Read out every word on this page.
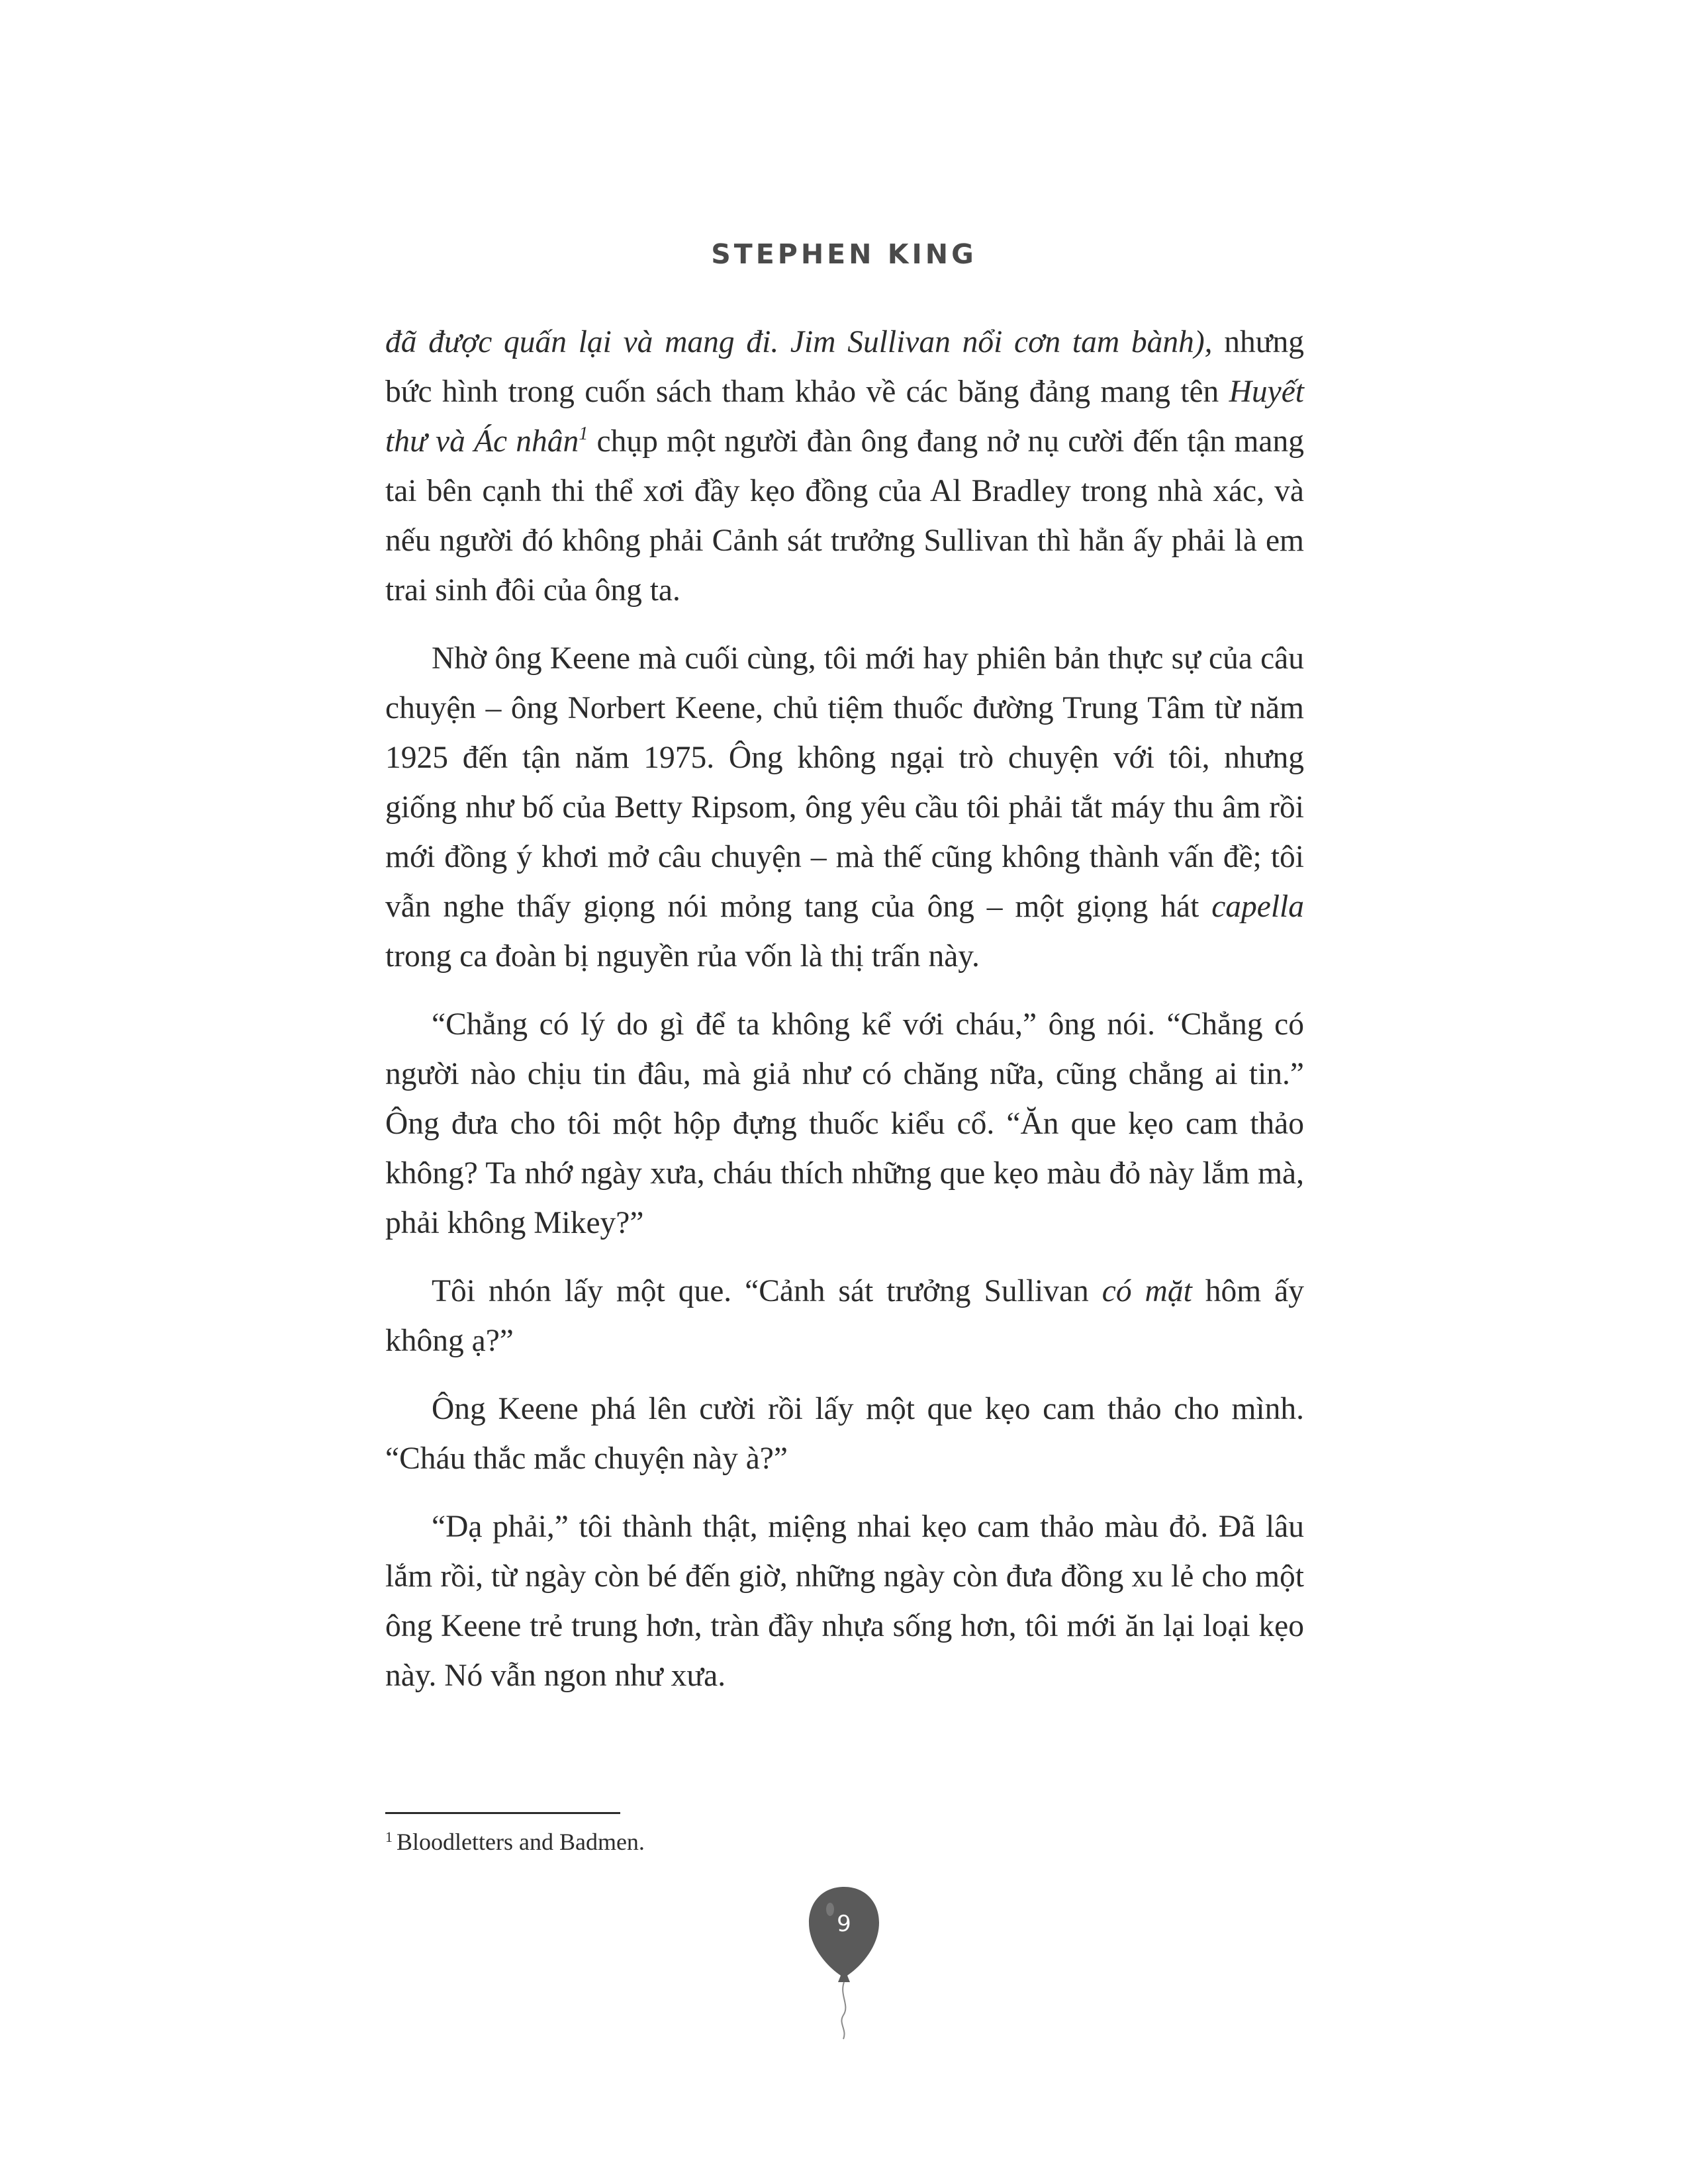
STEPHEN KING

đã được quấn lại và mang đi. Jim Sullivan nổi cơn tam bành), nhưng bức hình trong cuốn sách tham khảo về các băng đảng mang tên Huyết thư và Ác nhân$^1$ chụp một người đàn ông đang nở nụ cười đến tận mang tai bên cạnh thi thể xơi đầy kẹo đồng của Al Bradley trong nhà xác, và nếu người đó không phải Cảnh sát trưởng Sullivan thì hẳn ấy phải là em trai sinh đôi của ông ta.

Nhờ ông Keene mà cuối cùng, tôi mới hay phiên bản thực sự của câu chuyện – ông Norbert Keene, chủ tiệm thuốc đường Trung Tâm từ năm 1925 đến tận năm 1975. Ông không ngại trò chuyện với tôi, nhưng giống như bố của Betty Ripsom, ông yêu cầu tôi phải tắt máy thu âm rồi mới đồng ý khơi mở câu chuyện – mà thế cũng không thành vấn đề; tôi vẫn nghe thấy giọng nói mỏng tang của ông – một giọng hát capella trong ca đoàn bị nguyền rủa vốn là thị trấn này.

“Chẳng có lý do gì để ta không kể với cháu,” ông nói. “Chẳng có người nào chịu tin đâu, mà giả như có chăng nữa, cũng chẳng ai tin.” Ông đưa cho tôi một hộp đựng thuốc kiểu cổ. “Ăn que kẹo cam thảo không? Ta nhớ ngày xưa, cháu thích những que kẹo màu đỏ này lắm mà, phải không Mikey?”

Tôi nhón lấy một que. “Cảnh sát trưởng Sullivan có mặt hôm ấy không ạ?”

Ông Keene phá lên cười rồi lấy một que kẹo cam thảo cho mình. “Cháu thắc mắc chuyện này à?”

“Dạ phải,” tôi thành thật, miệng nhai kẹo cam thảo màu đỏ. Đã lâu lắm rồi, từ ngày còn bé đến giờ, những ngày còn đưa đồng xu lẻ cho một ông Keene trẻ trung hơn, tràn đầy nhựa sống hơn, tôi mới ăn lại loại kẹo này. Nó vẫn ngon như xưa.

$^1$ Bloodletters and Badmen.
9
